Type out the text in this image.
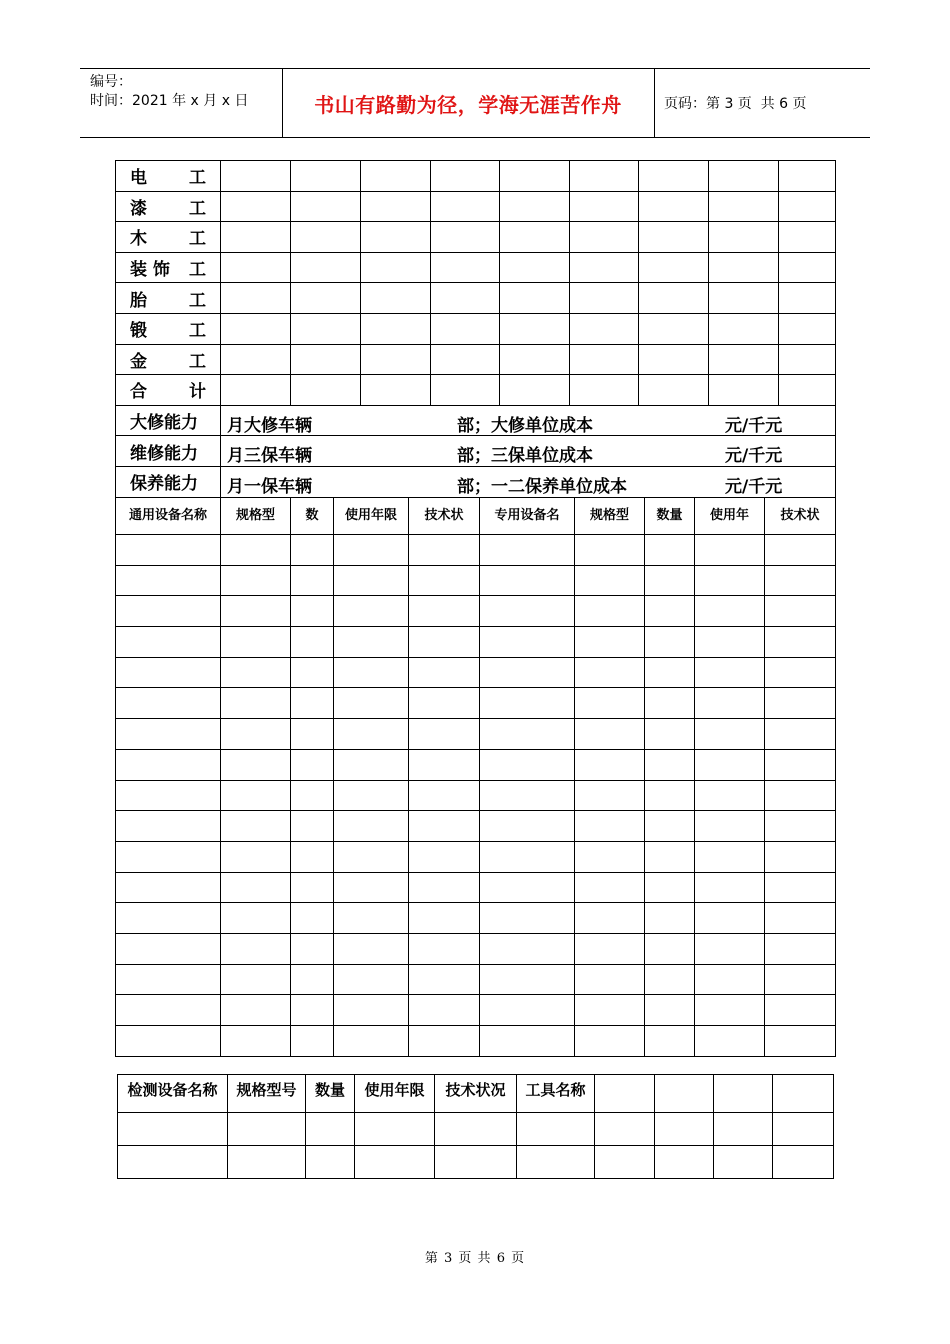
编号：
时间：2021 年 x 月 x 日	书山有路勤为径，学海无涯苦作舟	页码：第 3 页  共 6 页
电 工									

漆 工									

木 工									

装 饰 工									

胎 工									

锻 工									

金 工									

合 计									

大修能力	月大修车辆 部；大修单位成本 元/千元								

维修能力	月三保车辆 部；三保单位成本 元/千元								

保养能力	月一保车辆 部；一二保养单位成本 元/千元								
通用设备名称	规格型	数	使用年限	技术状	专用设备名	规格型	数量	使用年	技术状

检测设备名称	规格型号	数量	使用年限	技术状况	工具名称				

第 3 页 共 6 页
